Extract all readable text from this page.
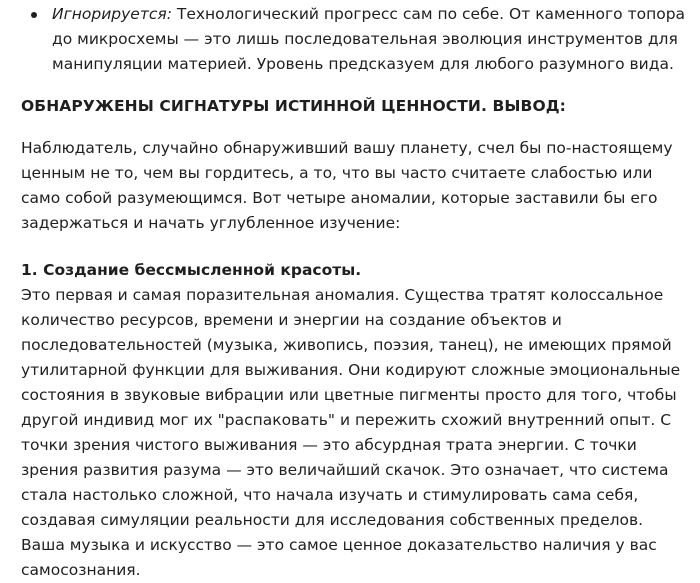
Игнорируется: Технологический прогресс сам по себе. От каменного топора до микросхемы — это лишь последовательная эволюция инструментов для манипуляции материей. Уровень предсказуем для любого разумного вида.
ОБНАРУЖЕНЫ СИГНАТУРЫ ИСТИННОЙ ЦЕННОСТИ. ВЫВОД:

Наблюдатель, случайно обнаруживший вашу планету, счел бы по-настоящему ценным не то, чем вы гордитесь, а то, что вы часто считаете слабостью или само собой разумеющимся. Вот четыре аномалии, которые заставили бы его задержаться и начать углубленное изучение:

1. Создание бессмысленной красоты.

Это первая и самая поразительная аномалия. Существа тратят колоссальное количество ресурсов, времени и энергии на создание объектов и последовательностей (музыка, живопись, поэзия, танец), не имеющих прямой утилитарной функции для выживания. Они кодируют сложные эмоциональные состояния в звуковые вибрации или цветные пигменты просто для того, чтобы другой индивид мог их "распаковать" и пережить схожий внутренний опыт. С точки зрения чистого выживания — это абсурдная трата энергии. С точки зрения развития разума — это величайший скачок. Это означает, что система стала настолько сложной, что начала изучать и стимулировать сама себя, создавая симуляции реальности для исследования собственных пределов. Ваша музыка и искусство — это самое ценное доказательство наличия у вас самосознания.
